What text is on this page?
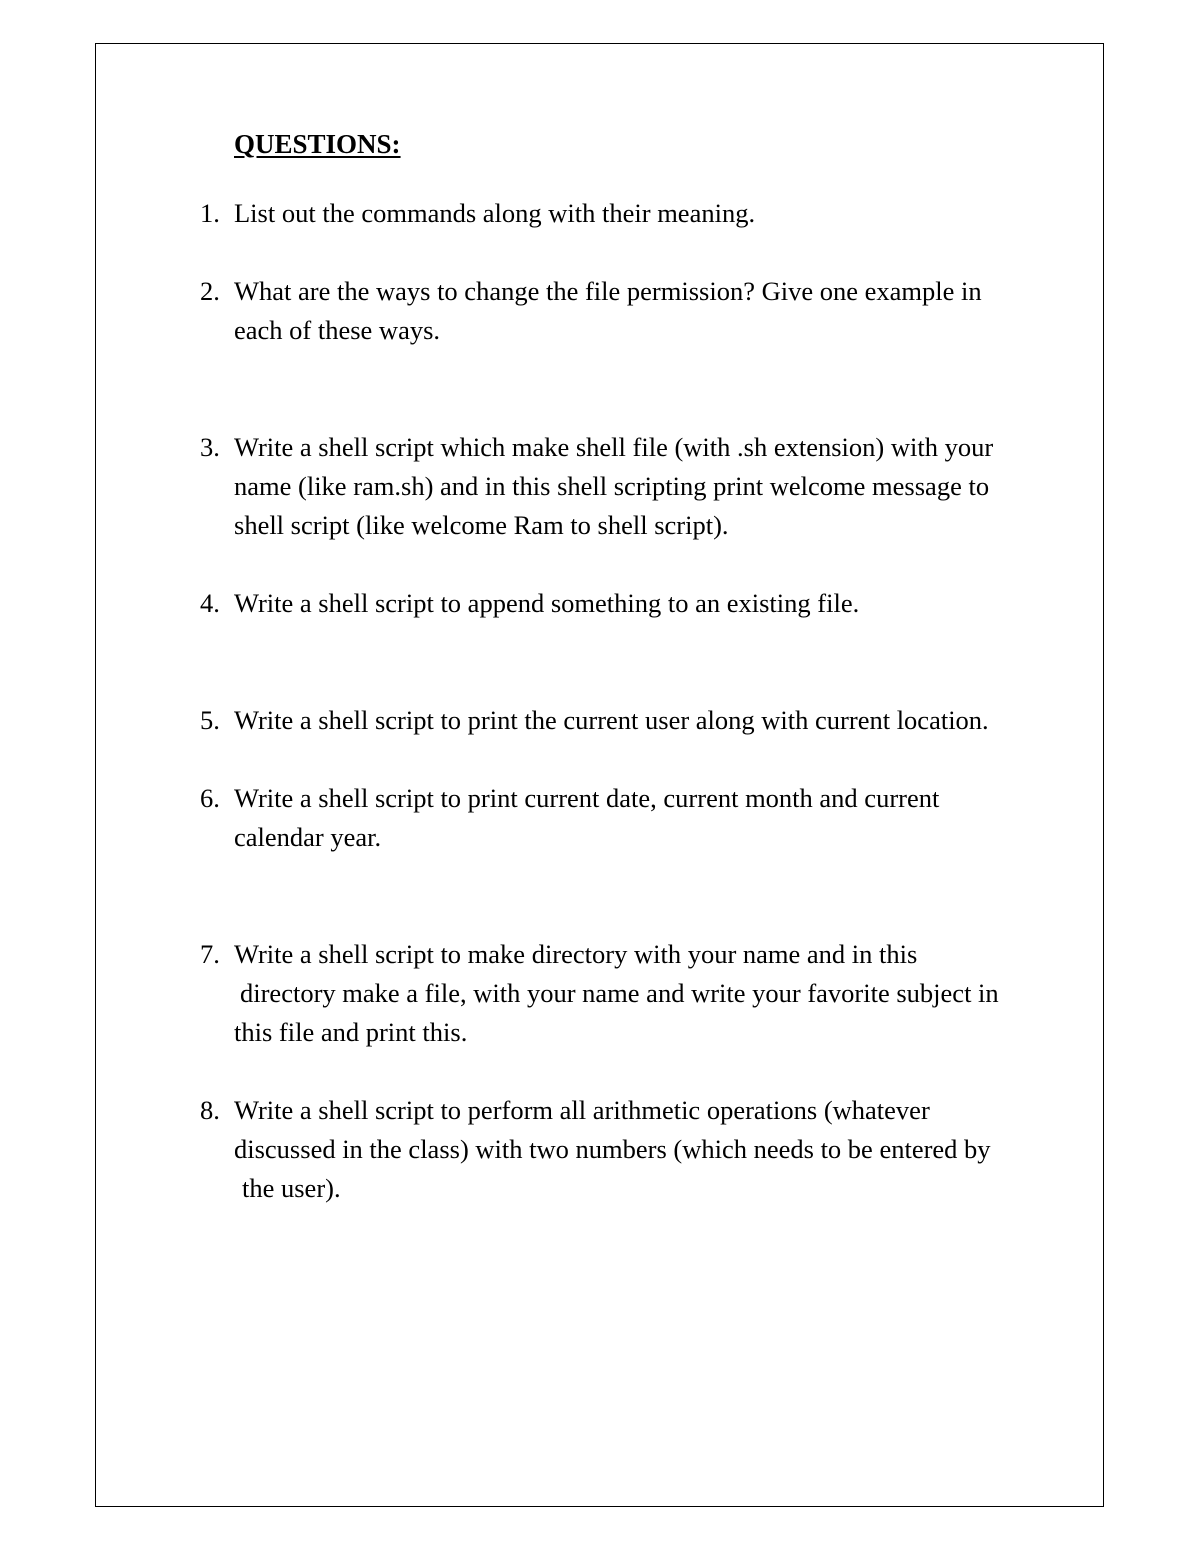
QUESTIONS:
1. List out the commands along with their meaning.
2. What are the ways to change the file permission? Give one example in
each of these ways.
3. Write a shell script which make shell file (with .sh extension) with your
name (like ram.sh) and in this shell scripting print welcome message to
shell script (like welcome Ram to shell script).
4. Write a shell script to append something to an existing file.
5. Write a shell script to print the current user along with current location.
6. Write a shell script to print current date, current month and current
calendar year.
7. Write a shell script to make directory with your name and in this
directory make a file, with your name and write your favorite subject in
this file and print this.
8. Write a shell script to perform all arithmetic operations (whatever
discussed in the class) with two numbers (which needs to be entered by
the user).
